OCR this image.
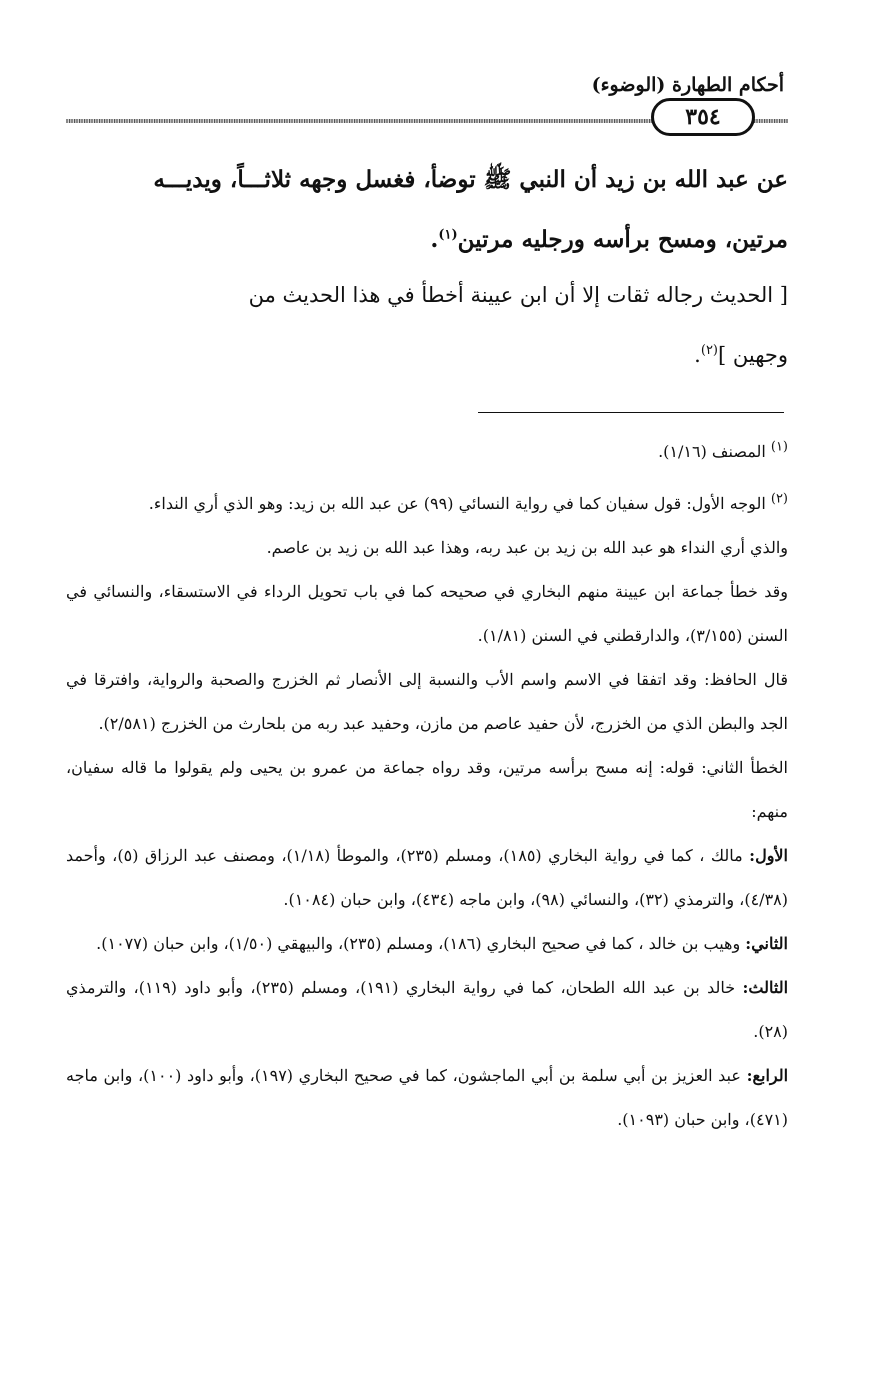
أحكام الطهارة (الوضوء)
٣٥٤
عن عبد الله بن زيد أن النبي ﷺ توضأ، فغسل وجهه ثلاثـــاً، ويديـــه
مرتين، ومسح برأسه ورجليه مرتين$^{(١)}$.
[ الحديث رجاله ثقات إلا أن ابن عيينة أخطأ في هذا الحديث من
وجهين ]$^{(٢)}$.
$^{(١)}$ المصنف (١/١٦).
$^{(٢)}$ الوجه الأول: قول سفيان كما في رواية النسائي (٩٩) عن عبد الله بن زيد: وهو الذي أري النداء.
والذي أري النداء هو عبد الله بن زيد بن عبد ربه، وهذا عبد الله بن زيد بن عاصم.
وقد خطأ جماعة ابن عيينة منهم البخاري في صحيحه كما في باب تحويل الرداء في الاستسقاء، والنسائي في السنن (٣/١٥٥)، والدارقطني في السنن (١/٨١).
قال الحافظ: وقد اتفقا في الاسم واسم الأب والنسبة إلى الأنصار ثم الخزرج والصحبة والرواية، وافترقا في الجد والبطن الذي من الخزرج، لأن حفيد عاصم من مازن، وحفيد عبد ربه من بلحارث من الخزرج (٢/٥٨١).
الخطأ الثاني: قوله: إنه مسح برأسه مرتين، وقد رواه جماعة من عمرو بن يحيى ولم يقولوا ما قاله سفيان، منهم:
الأول: مالك ، كما في رواية البخاري (١٨٥)، ومسلم (٢٣٥)، والموطأ (١/١٨)، ومصنف عبد الرزاق (٥)، وأحمد (٤/٣٨)، والترمذي (٣٢)، والنسائي (٩٨)، وابن ماجه (٤٣٤)، وابن حبان (١٠٨٤).
الثاني: وهيب بن خالد ، كما في صحيح البخاري (١٨٦)، ومسلم (٢٣٥)، والبيهقي (١/٥٠)، وابن حبان (١٠٧٧).
الثالث: خالد بن عبد الله الطحان، كما في رواية البخاري (١٩١)، ومسلم (٢٣٥)، وأبو داود (١١٩)، والترمذي (٢٨).
الرابع: عبد العزيز بن أبي سلمة بن أبي الماجشون، كما في صحيح البخاري (١٩٧)، وأبو داود (١٠٠)، وابن ماجه (٤٧١)، وابن حبان (١٠٩٣).
